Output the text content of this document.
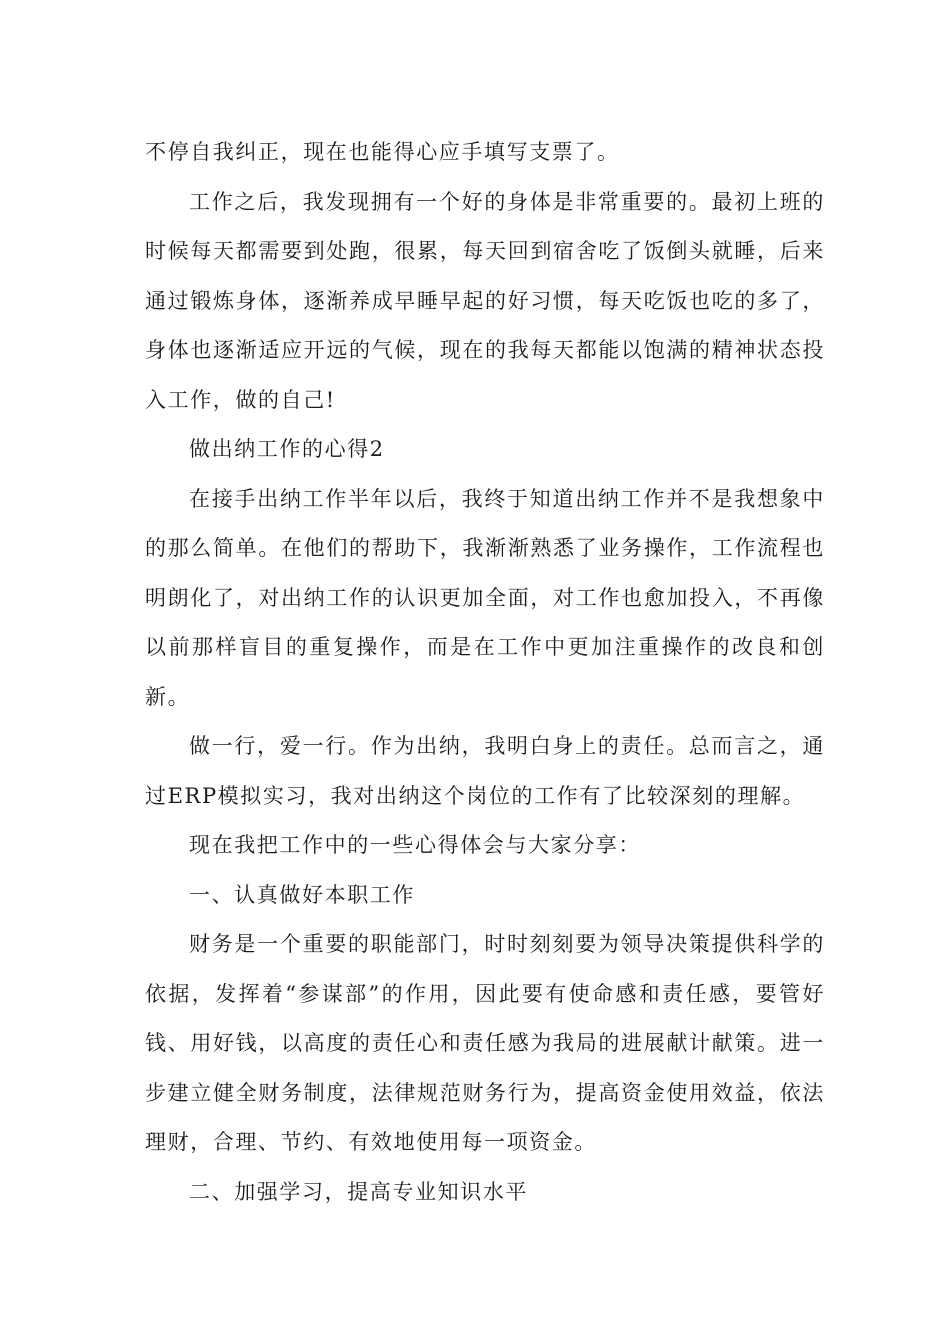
不停自我纠正，现在也能得心应手填写支票了。

工作之后，我发现拥有一个好的身体是非常重要的。最初上班的时候每天都需要到处跑，很累，每天回到宿舍吃了饭倒头就睡，后来通过锻炼身体，逐渐养成早睡早起的好习惯，每天吃饭也吃的多了，身体也逐渐适应开远的气候，现在的我每天都能以饱满的精神状态投入工作，做的自己!

做出纳工作的心得2

在接手出纳工作半年以后，我终于知道出纳工作并不是我想象中的那么简单。在他们的帮助下，我渐渐熟悉了业务操作，工作流程也明朗化了，对出纳工作的认识更加全面，对工作也愈加投入，不再像以前那样盲目的重复操作，而是在工作中更加注重操作的改良和创新。

做一行，爱一行。作为出纳，我明白身上的责任。总而言之，通过ERP模拟实习，我对出纳这个岗位的工作有了比较深刻的理解。

现在我把工作中的一些心得体会与大家分享：

一、认真做好本职工作

财务是一个重要的职能部门，时时刻刻要为领导决策提供科学的依据，发挥着“参谋部”的作用，因此要有使命感和责任感，要管好钱、用好钱，以高度的责任心和责任感为我局的进展献计献策。进一步建立健全财务制度，法律规范财务行为，提高资金使用效益，依法理财，合理、节约、有效地使用每一项资金。

二、加强学习，提高专业知识水平
